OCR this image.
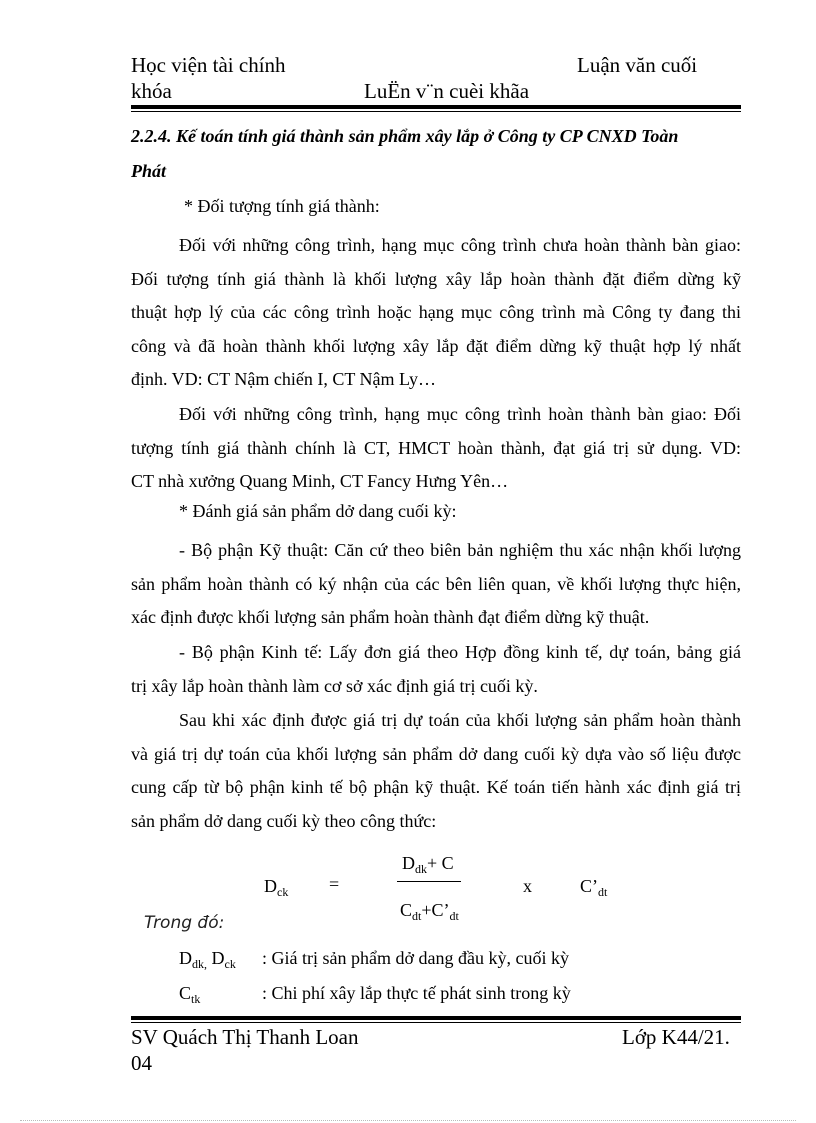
Học viện tài chính	Luận văn cuối
khóa	LuËn v¨n cuèi khãa
2.2.4. Kế toán tính giá thành sản phẩm xây lắp ở Công ty CP CNXD Toàn
Phát
* Đối tượng tính giá thành:
Đối với những công trình, hạng mục công trình chưa hoàn thành bàn giao:
Đối tượng tính giá thành là khối lượng xây lắp hoàn thành đặt điểm dừng kỹ
thuật hợp lý của các công trình hoặc hạng mục công trình mà Công ty đang thi
công và đã hoàn thành khối lượng xây lắp đặt điểm dừng kỹ thuật hợp lý nhất
định. VD: CT Nậm chiến I, CT Nậm Ly…
Đối với những công trình, hạng mục công trình hoàn thành bàn giao: Đối
tượng tính giá thành chính là CT, HMCT hoàn thành, đạt giá trị sử dụng. VD:
CT nhà xưởng Quang Minh, CT Fancy Hưng Yên…
* Đánh giá sản phẩm dở dang cuối kỳ:
- Bộ phận Kỹ thuật: Căn cứ theo biên bản nghiệm thu xác nhận khối lượng
sản phẩm hoàn thành có ký nhận của các bên liên quan, về khối lượng thực hiện,
xác định được khối lượng sản phẩm hoàn thành đạt điểm dừng kỹ thuật.
- Bộ phận Kinh tế: Lấy đơn giá theo Hợp đồng kinh tế, dự toán, bảng giá
trị xây lắp hoàn thành làm cơ sở xác định giá trị cuối kỳ.
Sau khi xác định được giá trị dự toán của khối lượng sản phẩm hoàn thành
và giá trị dự toán của khối lượng sản phẩm dở dang cuối kỳ dựa vào số liệu được
cung cấp từ bộ phận kinh tế bộ phận kỹ thuật. Kế toán tiến hành xác định giá trị
sản phẩm dở dang cuối kỳ theo công thức:
$D_{ck}$ =
$D_{dk}+ C$
$C_{dt}+C’_{dt}$
x	$C’_{dt}$
Trong đó:
$D_{dk,}$ $D_{ck}$ : Giá trị sản phẩm dở dang đầu kỳ, cuối kỳ
$C_{tk}$	: Chi phí xây lắp thực tế phát sinh trong kỳ
SV Quách Thị Thanh Loan	Lớp K44/21.
04
